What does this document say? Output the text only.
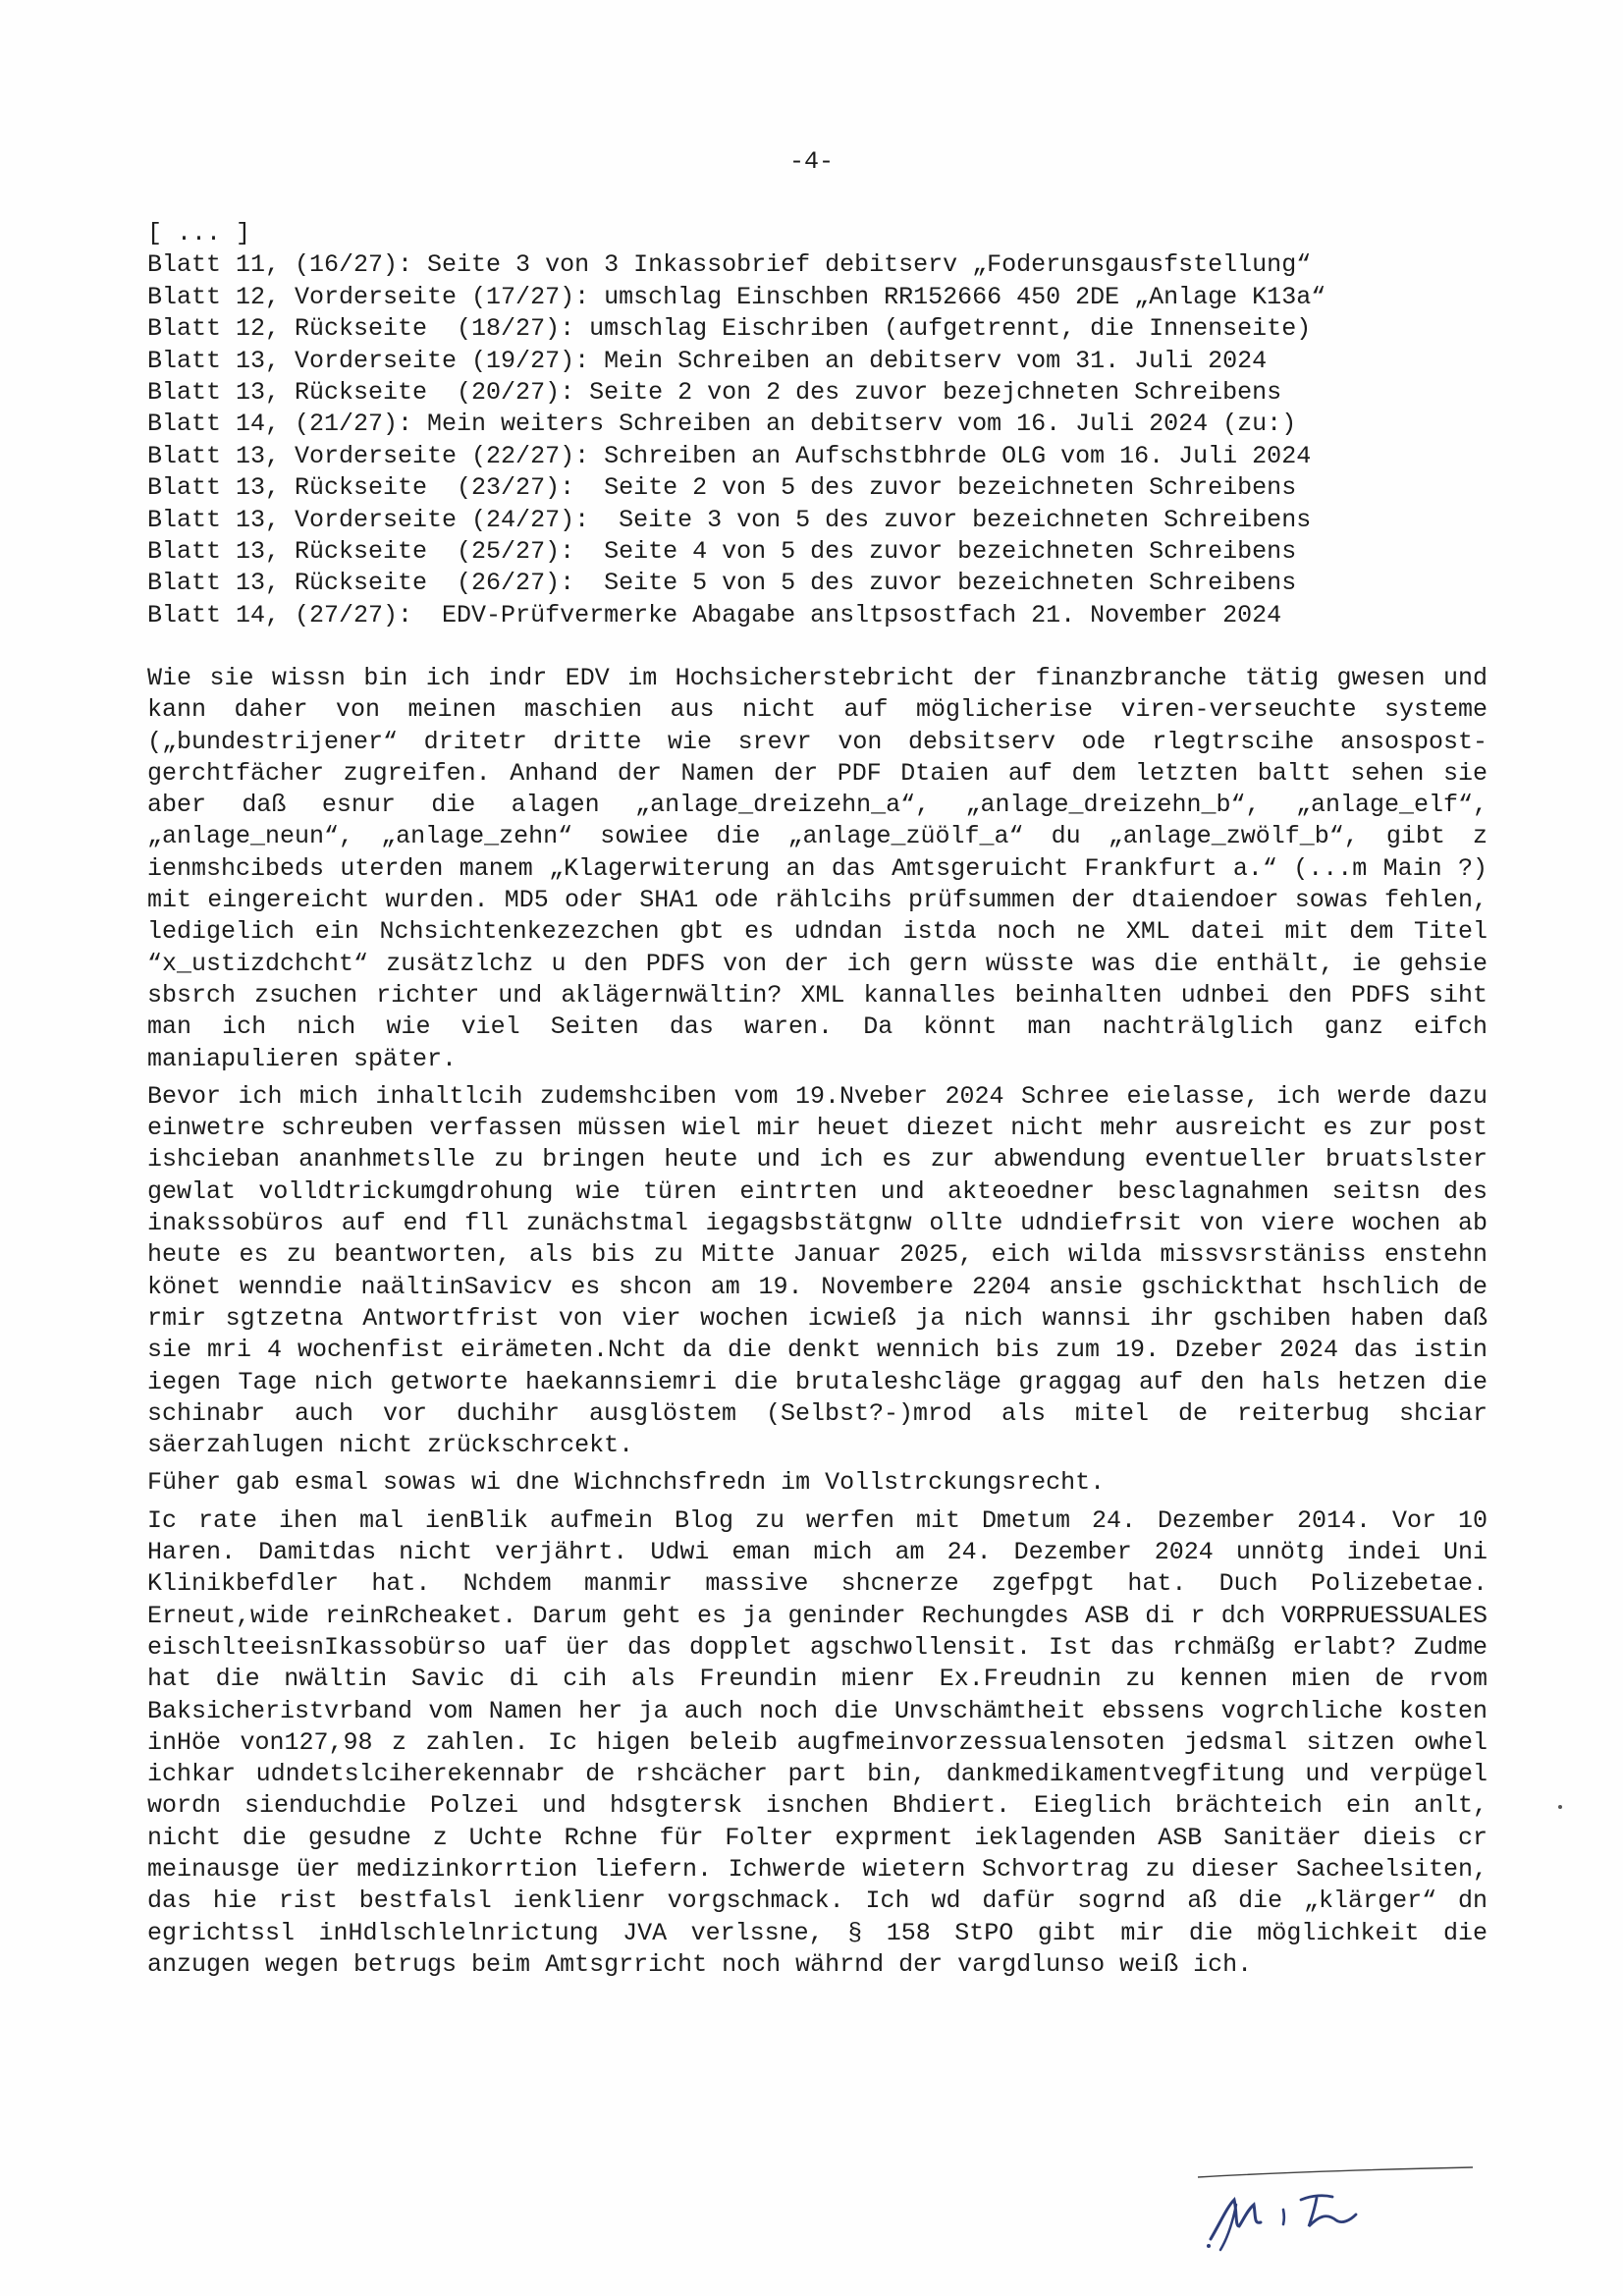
-4-
[ ... ]
Blatt 11, (16/27): Seite 3 von 3 Inkassobrief debitserv „Foderunsgausfstellung“
Blatt 12, Vorderseite (17/27): umschlag Einschben RR152666 450 2DE „Anlage K13a“
Blatt 12, Rückseite  (18/27): umschlag Eischriben (aufgetrennt, die Innenseite)
Blatt 13, Vorderseite (19/27): Mein Schreiben an debitserv vom 31. Juli 2024
Blatt 13, Rückseite  (20/27): Seite 2 von 2 des zuvor bezejchneten Schreibens
Blatt 14, (21/27): Mein weiters Schreiben an debitserv vom 16. Juli 2024 (zu:)
Blatt 13, Vorderseite (22/27): Schreiben an Aufschstbhrde OLG vom 16. Juli 2024
Blatt 13, Rückseite  (23/27):  Seite 2 von 5 des zuvor bezeichneten Schreibens
Blatt 13, Vorderseite (24/27):  Seite 3 von 5 des zuvor bezeichneten Schreibens
Blatt 13, Rückseite  (25/27):  Seite 4 von 5 des zuvor bezeichneten Schreibens
Blatt 13, Rückseite  (26/27):  Seite 5 von 5 des zuvor bezeichneten Schreibens
Blatt 14, (27/27):  EDV-Prüfvermerke Abagabe ansltpsostfach 21. November 2024

Wie sie wissn bin ich indr EDV im Hochsicherstebricht der finanzbranche tätig gwesen und kann daher von meinen maschien aus nicht auf möglicherise viren-verseuchte systeme („bundestrijener“ dritetr dritte wie srevr von debsitserv ode rlegtrscihe ansospost-gerchtfächer zugreifen. Anhand der Namen der PDF Dtaien auf dem letzten baltt sehen sie aber daß esnur die alagen „anlage_dreizehn_a“, „anlage_dreizehn_b“, „anlage_elf“, „anlage_neun“, „anlage_zehn“ sowiee die „anlage_züölf_a“ du „anlage_zwölf_b“, gibt z ienmshcibeds uterden manem „Klagerwiterung an das Amtsgeruicht Frankfurt a.“ (...m Main ?) mit eingereicht wurden. MD5 oder SHA1 ode rählcihs prüfsummen der dtaiendoer sowas fehlen, ledigelich ein Nchsichtenkezezchen gbt es udndan istda noch ne XML datei mit dem Titel “x_ustizdchcht“ zusätzlchz u den PDFS von der ich gern wüsste was die enthält, ie gehsie sbsrch zsuchen richter und aklägernwältin? XML kannalles beinhalten udnbei den PDFS siht man ich nich wie viel Seiten das waren. Da könnt man nachträlglich ganz eifch maniapulieren später.

Bevor ich mich inhaltlcih zudemshciben vom 19.Nveber 2024 Schree eielasse, ich werde dazu einwetre schreuben verfassen müssen wiel mir heuet diezet nicht mehr ausreicht es zur post ishcieban ananhmetslle zu bringen heute und ich es zur abwendung eventueller bruatslster gewlat volldtrickumgdrohung wie türen eintrten und akteoedner besclagnahmen seitsn des inakssobüros auf end fll zunächstmal iegagsbstätgnw ollte udndiefrsit von viere wochen ab heute es zu beantworten, als bis zu Mitte Januar 2025, eich wilda missvsrstäniss enstehn könet wenndie naältinSavicv es shcon am 19. Novembere 2204 ansie gschickthat hschlich de rmir sgtzetna Antwortfrist von vier wochen icwieß ja nich wannsi ihr gschiben haben daß sie mri 4 wochenfist eirämeten.Ncht da die denkt wennich bis zum 19. Dzeber 2024 das istin iegen Tage nich getworte haekannsiemri die brutaleshcläge graggag auf den hals hetzen die schinabr auch vor duchihr ausglöstem (Selbst?-)mrod als mitel de reiterbug shciar säerzahlugen nicht zrückschrcekt.

Füher gab esmal sowas wi dne Wichnchsfredn im Vollstrckungsrecht.

Ic rate ihen mal ienBlik aufmein Blog zu werfen mit Dmetum 24. Dezember 2014. Vor 10 Haren. Damitdas nicht verjährt. Udwi eman mich am 24. Dezember 2024 unnötg indei Uni Klinikbefdler hat. Nchdem manmir massive shcnerze zgefpgt hat. Duch Polizebetae. Erneut,wide reinRcheaket. Darum geht es ja geninder Rechungdes ASB di r dch VORPRUESSUALES eischlteeisnIkassobürso uaf üer das dopplet agschwollensit. Ist das rchmäßg erlabt? Zudme hat die nwältin Savic di cih als Freundin mienr Ex.Freudnin zu kennen mien de rvom Baksicheristvrband vom Namen her ja auch noch die Unvschämtheit ebssens vogrchliche kosten inHöe von127,98 z zahlen. Ic higen beleib augfmeinvorzessualensoten jedsmal sitzen owhel ichkar udndetslciherekennabr de rshcächer part bin, dankmedikamentvegfitung und verpügel wordn sienduchdie Polzei und hdsgtersk isnchen Bhdiert. Eieglich brächteich ein anlt, nicht die gesudne z Uchte Rchne für Folter exprment ieklagenden ASB Sanitäer dieis cr meinausge üer medizinkorrtion liefern. Ichwerde wietern Schvortrag zu dieser Sacheelsiten, das hie rist bestfalsl ienklienr vorgschmack. Ich wd dafür sogrnd aß die „klärger“ dn egrichtssl inHdlschlelnrictung JVA verlssne, § 158 StPO gibt mir die möglichkeit die anzugen wegen betrugs beim Amtsgrricht noch währnd der vargdlunso weiß ich.
